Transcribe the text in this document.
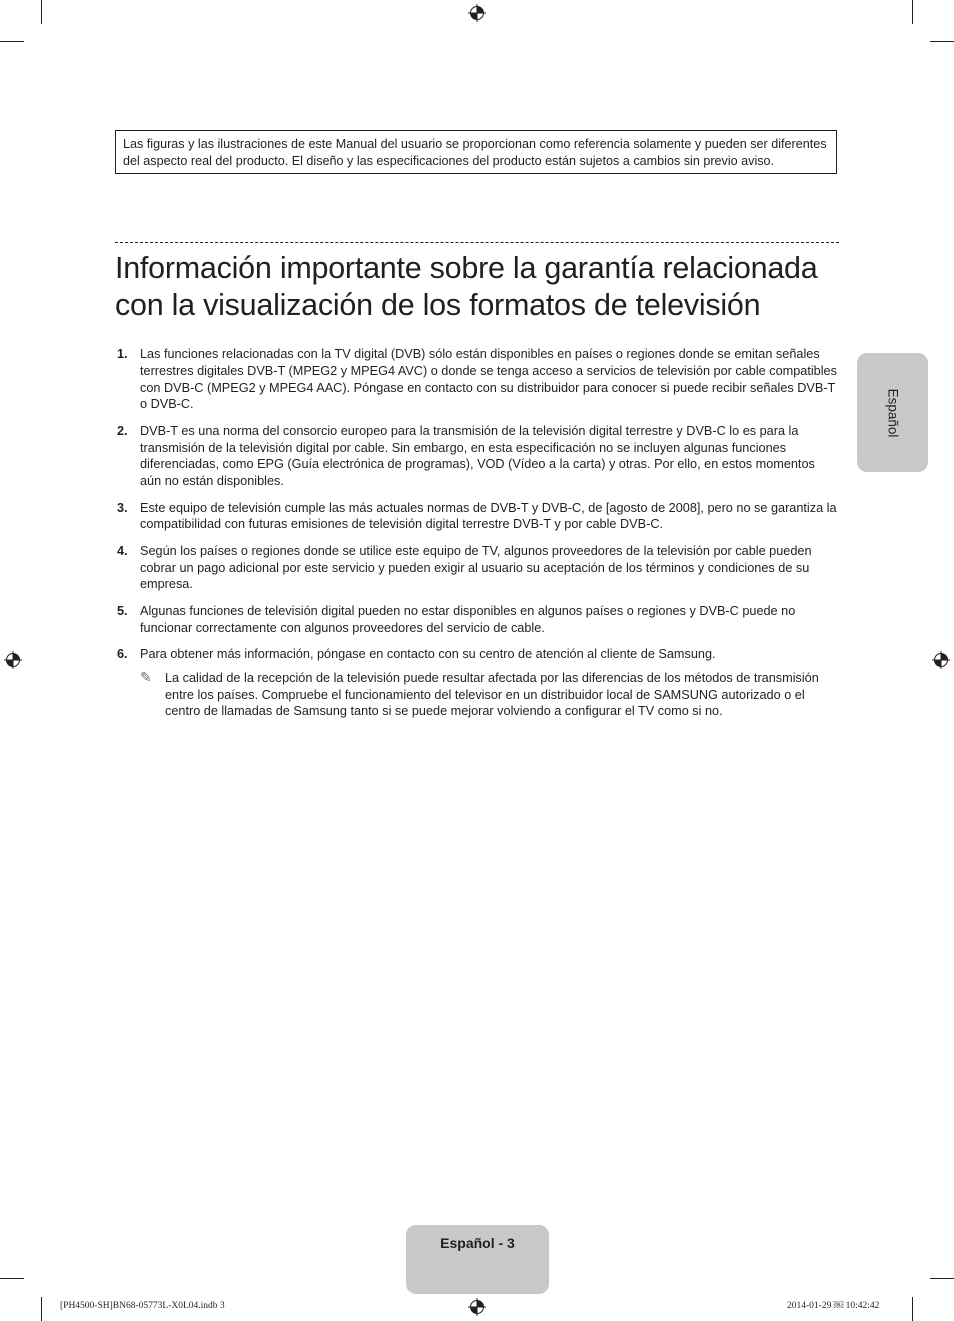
Las figuras y las ilustraciones de este Manual del usuario se proporcionan como referencia solamente y pueden ser diferentes del aspecto real del producto. El diseño y las especificaciones del producto están sujetos a cambios sin previo aviso.
Información importante sobre la garantía relacionada con la visualización de los formatos de televisión
1. Las funciones relacionadas con la TV digital (DVB) sólo están disponibles en países o regiones donde se emitan señales terrestres digitales DVB-T (MPEG2 y MPEG4 AVC) o donde se tenga acceso a servicios de televisión por cable compatibles con DVB-C (MPEG2 y MPEG4 AAC). Póngase en contacto con su distribuidor para conocer si puede recibir señales DVB-T o DVB-C.
2. DVB-T es una norma del consorcio europeo para la transmisión de la televisión digital terrestre y DVB-C lo es para la transmisión de la televisión digital por cable. Sin embargo, en esta especificación no se incluyen algunas funciones diferenciadas, como EPG (Guía electrónica de programas), VOD (Vídeo a la carta) y otras. Por ello, en estos momentos aún no están disponibles.
3. Este equipo de televisión cumple las más actuales normas de DVB-T y DVB-C, de [agosto de 2008], pero no se garantiza la compatibilidad con futuras emisiones de televisión digital terrestre DVB-T y por cable DVB-C.
4. Según los países o regiones donde se utilice este equipo de TV, algunos proveedores de la televisión por cable pueden cobrar un pago adicional por este servicio y pueden exigir al usuario su aceptación de los términos y condiciones de su empresa.
5. Algunas funciones de televisión digital pueden no estar disponibles en algunos países o regiones y DVB-C puede no funcionar correctamente con algunos proveedores del servicio de cable.
6. Para obtener más información, póngase en contacto con su centro de atención al cliente de Samsung.
✎ La calidad de la recepción de la televisión puede resultar afectada por las diferencias de los métodos de transmisión entre los países. Compruebe el funcionamiento del televisor en un distribuidor local de SAMSUNG autorizado o el centro de llamadas de Samsung tanto si se puede mejorar volviendo a configurar el TV como si no.
Español
Español - 3
[PH4500-SH]BN68-05773L-X0L04.indb 3	2014-01-29 ￼ 10:42:42
